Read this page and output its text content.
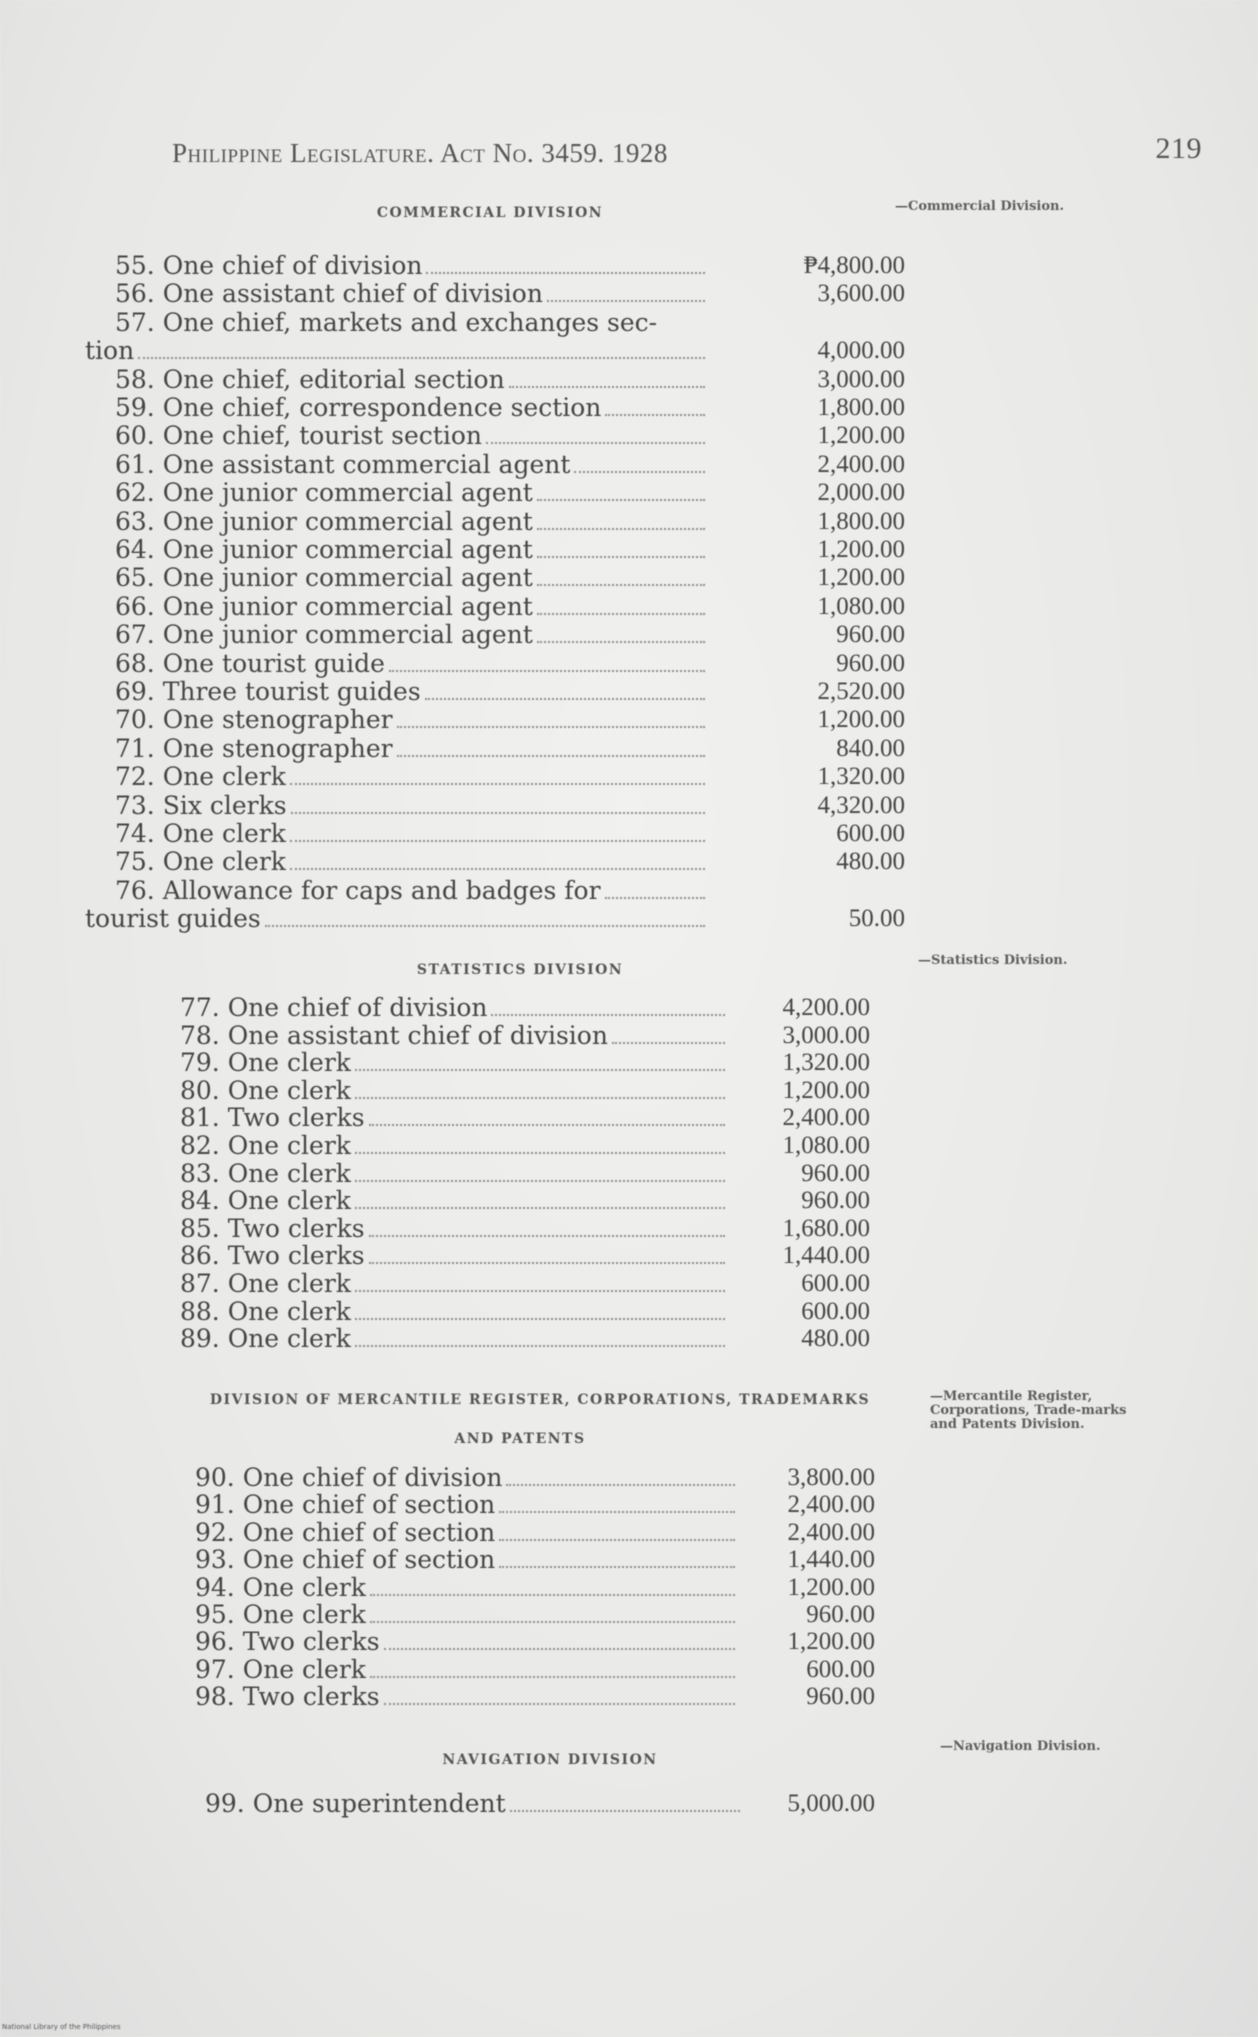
Philippine Legislature. Act No. 3459. 1928	219
COMMERCIAL DIVISION	—Commercial Division.
55. One chief of division	₱4,800.00
56. One assistant chief of division	3,600.00
57. One chief, markets and exchanges sec-
tion	4,000.00
58. One chief, editorial section	3,000.00
59. One chief, correspondence section	1,800.00
60. One chief, tourist section	1,200.00
61. One assistant commercial agent	2,400.00
62. One junior commercial agent	2,000.00
63. One junior commercial agent	1,800.00
64. One junior commercial agent	1,200.00
65. One junior commercial agent	1,200.00
66. One junior commercial agent	1,080.00
67. One junior commercial agent	960.00
68. One tourist guide	960.00
69. Three tourist guides	2,520.00
70. One stenographer	1,200.00
71. One stenographer	840.00
72. One clerk	1,320.00
73. Six clerks	4,320.00
74. One clerk	600.00
75. One clerk	480.00
76. Allowance for caps and badges for
tourist guides	50.00
STATISTICS DIVISION
—Statistics Division.
77. One chief of division	4,200.00
78. One assistant chief of division	3,000.00
79. One clerk	1,320.00
80. One clerk	1,200.00
81. Two clerks	2,400.00
82. One clerk	1,080.00
83. One clerk	960.00
84. One clerk	960.00
85. Two clerks	1,680.00
86. Two clerks	1,440.00
87. One clerk	600.00
88. One clerk	600.00
89. One clerk	480.00
DIVISION OF MERCANTILE REGISTER, CORPORATIONS, TRADEMARKS
AND PATENTS
—Mercantile Register, Corporations, Trade-marks and Patents Division.
90. One chief of division	3,800.00
91. One chief of section	2,400.00
92. One chief of section	2,400.00
93. One chief of section	1,440.00
94. One clerk	1,200.00
95. One clerk	960.00
96. Two clerks	1,200.00
97. One clerk	600.00
98. Two clerks	960.00
NAVIGATION DIVISION
—Navigation Division.
99. One superintendent	5,000.00
National Library of the Philippines
